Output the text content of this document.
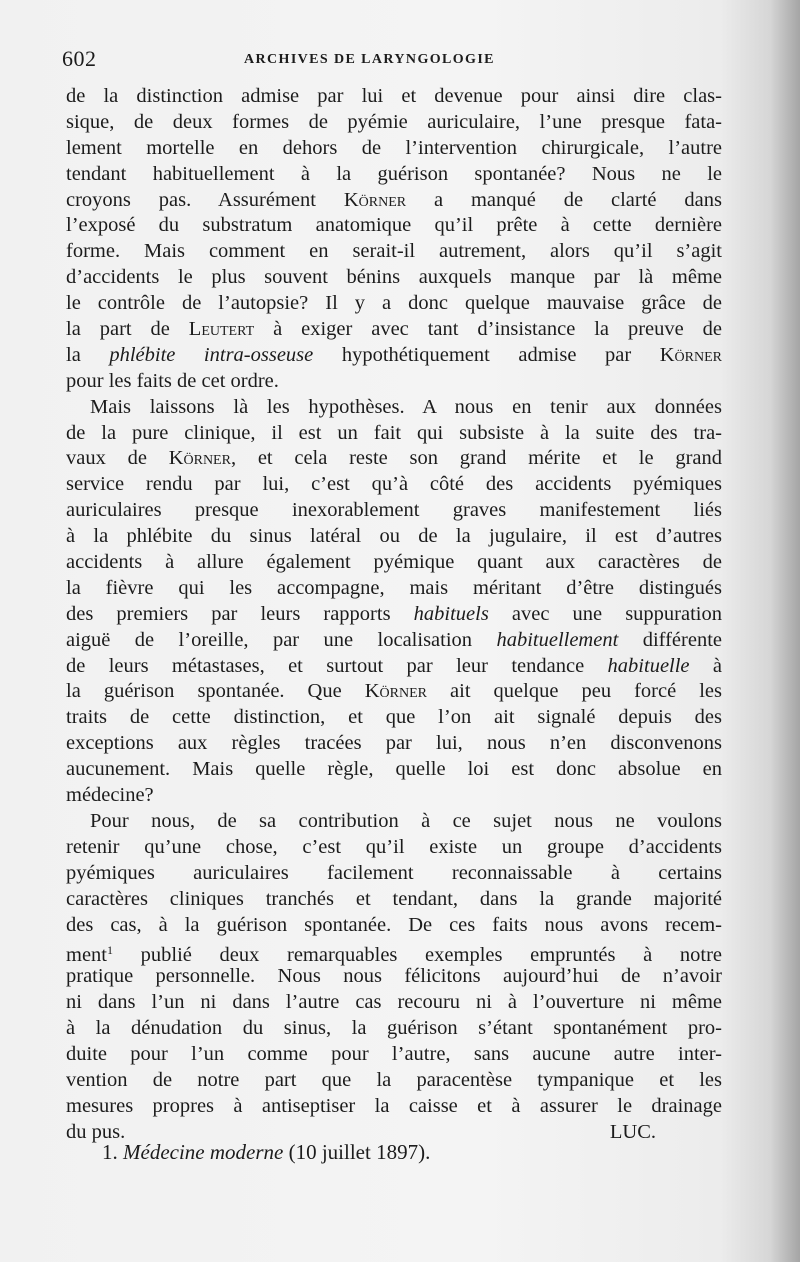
602	ARCHIVES DE LARYNGOLOGIE
de la distinction admise par lui et devenue pour ainsi dire clas-
sique, de deux formes de pyémie auriculaire, l’une presque fata-
lement mortelle en dehors de l’intervention chirurgicale, l’autre
tendant habituellement à la guérison spontanée? Nous ne le
croyons pas. Assurément Körner a manqué de clarté dans
l’exposé du substratum anatomique qu’il prête à cette dernière
forme. Mais comment en serait-il autrement, alors qu’il s’agit
d’accidents le plus souvent bénins auxquels manque par là même
le contrôle de l’autopsie? Il y a donc quelque mauvaise grâce de
la part de Leutert à exiger avec tant d’insistance la preuve de
la phlébite intra-osseuse hypothétiquement admise par Körner
pour les faits de cet ordre.
Mais laissons là les hypothèses. A nous en tenir aux données
de la pure clinique, il est un fait qui subsiste à la suite des tra-
vaux de Körner, et cela reste son grand mérite et le grand
service rendu par lui, c’est qu’à côté des accidents pyémiques
auriculaires presque inexorablement graves manifestement liés
à la phlébite du sinus latéral ou de la jugulaire, il est d’autres
accidents à allure également pyémique quant aux caractères de
la fièvre qui les accompagne, mais méritant d’être distingués
des premiers par leurs rapports habituels avec une suppuration
aiguë de l’oreille, par une localisation habituellement différente
de leurs métastases, et surtout par leur tendance habituelle à
la guérison spontanée. Que Körner ait quelque peu forcé les
traits de cette distinction, et que l’on ait signalé depuis des
exceptions aux règles tracées par lui, nous n’en disconvenons
aucunement. Mais quelle règle, quelle loi est donc absolue en
médecine?
Pour nous, de sa contribution à ce sujet nous ne voulons
retenir qu’une chose, c’est qu’il existe un groupe d’accidents
pyémiques auriculaires facilement reconnaissable à certains
caractères cliniques tranchés et tendant, dans la grande majorité
des cas, à la guérison spontanée. De ces faits nous avons recem-
ment$^1$ publié deux remarquables exemples empruntés à notre
pratique personnelle. Nous nous félicitons aujourd’hui de n’avoir
ni dans l’un ni dans l’autre cas recouru ni à l’ouverture ni même
à la dénudation du sinus, la guérison s’étant spontanément pro-
duite pour l’un comme pour l’autre, sans aucune autre inter-
vention de notre part que la paracentèse tympanique et les
mesures propres à antiseptiser la caisse et à assurer le drainage
du pus.	LUC.
1. Médecine moderne (10 juillet 1897).
